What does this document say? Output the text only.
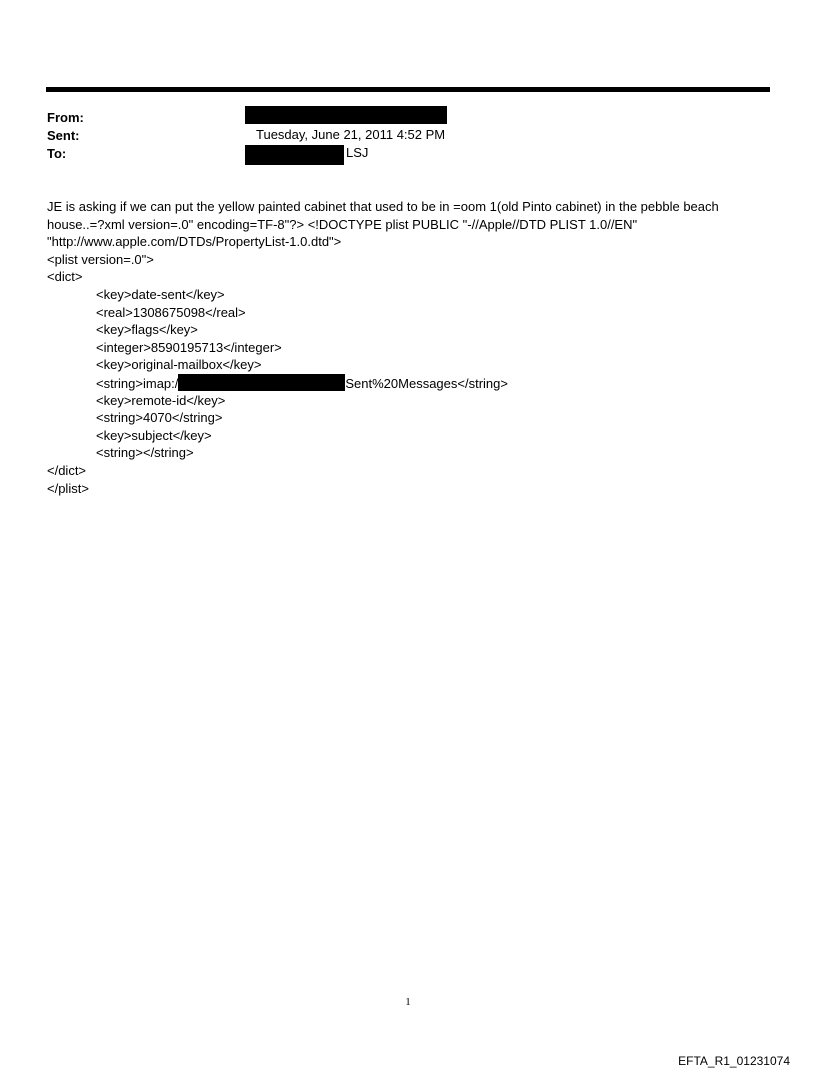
From:
Sent:	Tuesday, June 21, 2011 4:52 PM
To:	LSJ
JE is asking if we can put the yellow painted cabinet that used to be in =oom 1(old Pinto cabinet) in the pebble beach
house..=?xml version=.0" encoding=TF-8"?> <!DOCTYPE plist PUBLIC "-//Apple//DTD PLIST 1.0//EN"
"http://www.apple.com/DTDs/PropertyList-1.0.dtd">
<plist version=.0">
<dict>
<key>date-sent</key>
<real>1308675098</real>
<key>flags</key>
<integer>8590195713</integer>
<key>original-mailbox</key>
<string>imap:/	Sent%20Messages</string>
<key>remote-id</key>
<string>4070</string>
<key>subject</key>
<string></string>
</dict>
</plist>
1
EFTA_R1_01231074
